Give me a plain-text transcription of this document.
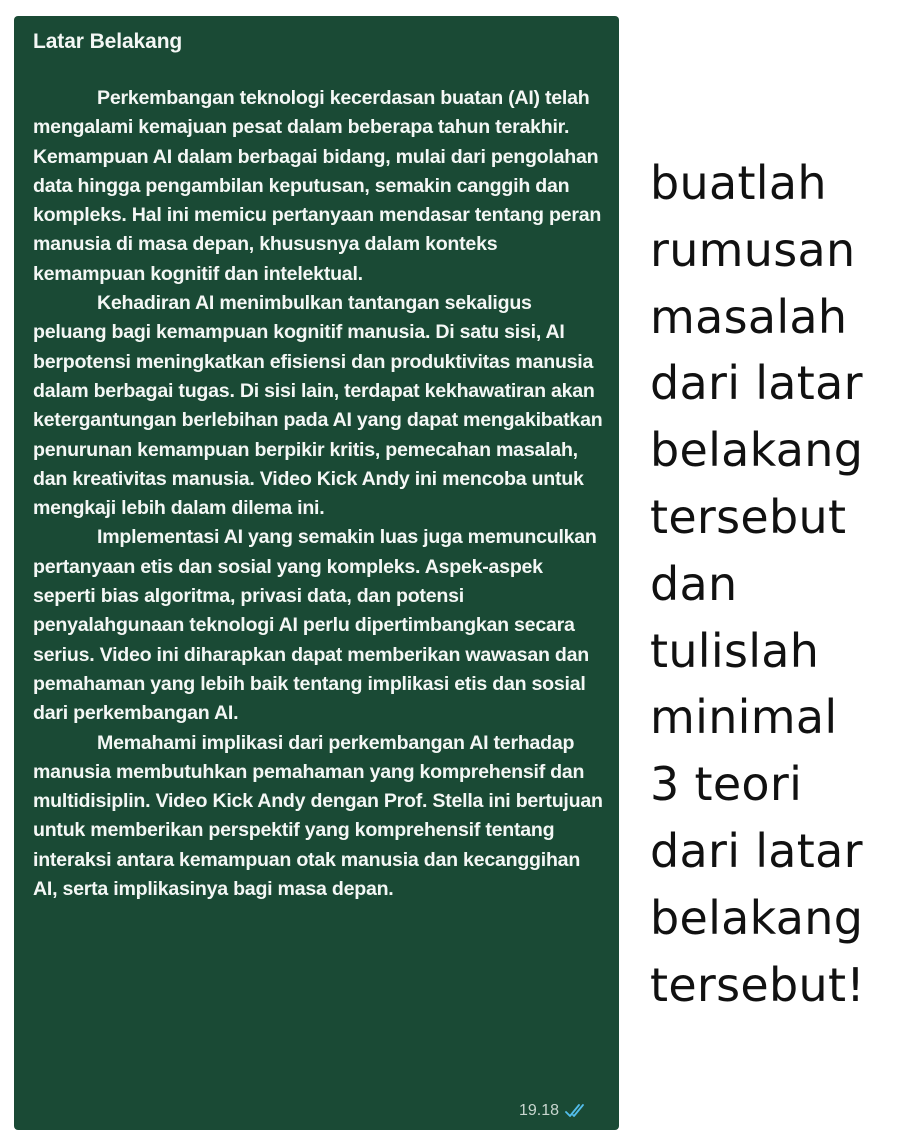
Latar Belakang

Perkembangan teknologi kecerdasan buatan (AI) telah mengalami kemajuan pesat dalam beberapa tahun terakhir. Kemampuan AI dalam berbagai bidang, mulai dari pengolahan data hingga pengambilan keputusan, semakin canggih dan kompleks. Hal ini memicu pertanyaan mendasar tentang peran manusia di masa depan, khususnya dalam konteks kemampuan kognitif dan intelektual.

Kehadiran AI menimbulkan tantangan sekaligus peluang bagi kemampuan kognitif manusia. Di satu sisi, AI berpotensi meningkatkan efisiensi dan produktivitas manusia dalam berbagai tugas. Di sisi lain, terdapat kekhawatiran akan ketergantungan berlebihan pada AI yang dapat mengakibatkan penurunan kemampuan berpikir kritis, pemecahan masalah, dan kreativitas manusia. Video Kick Andy ini mencoba untuk mengkaji lebih dalam dilema ini.

Implementasi AI yang semakin luas juga memunculkan pertanyaan etis dan sosial yang kompleks. Aspek-aspek seperti bias algoritma, privasi data, dan potensi penyalahgunaan teknologi AI perlu dipertimbangkan secara serius. Video ini diharapkan dapat memberikan wawasan dan pemahaman yang lebih baik tentang implikasi etis dan sosial dari perkembangan AI.

Memahami implikasi dari perkembangan AI terhadap manusia membutuhkan pemahaman yang komprehensif dan multidisiplin. Video Kick Andy dengan Prof. Stella ini bertujuan untuk memberikan perspektif yang komprehensif tentang interaksi antara kemampuan otak manusia dan kecanggihan AI, serta implikasinya bagi masa depan.

19.18
buatlah
rumusan
masalah
dari latar
belakang
tersebut
dan
tulislah
minimal
3 teori
dari latar
belakang
tersebut!
